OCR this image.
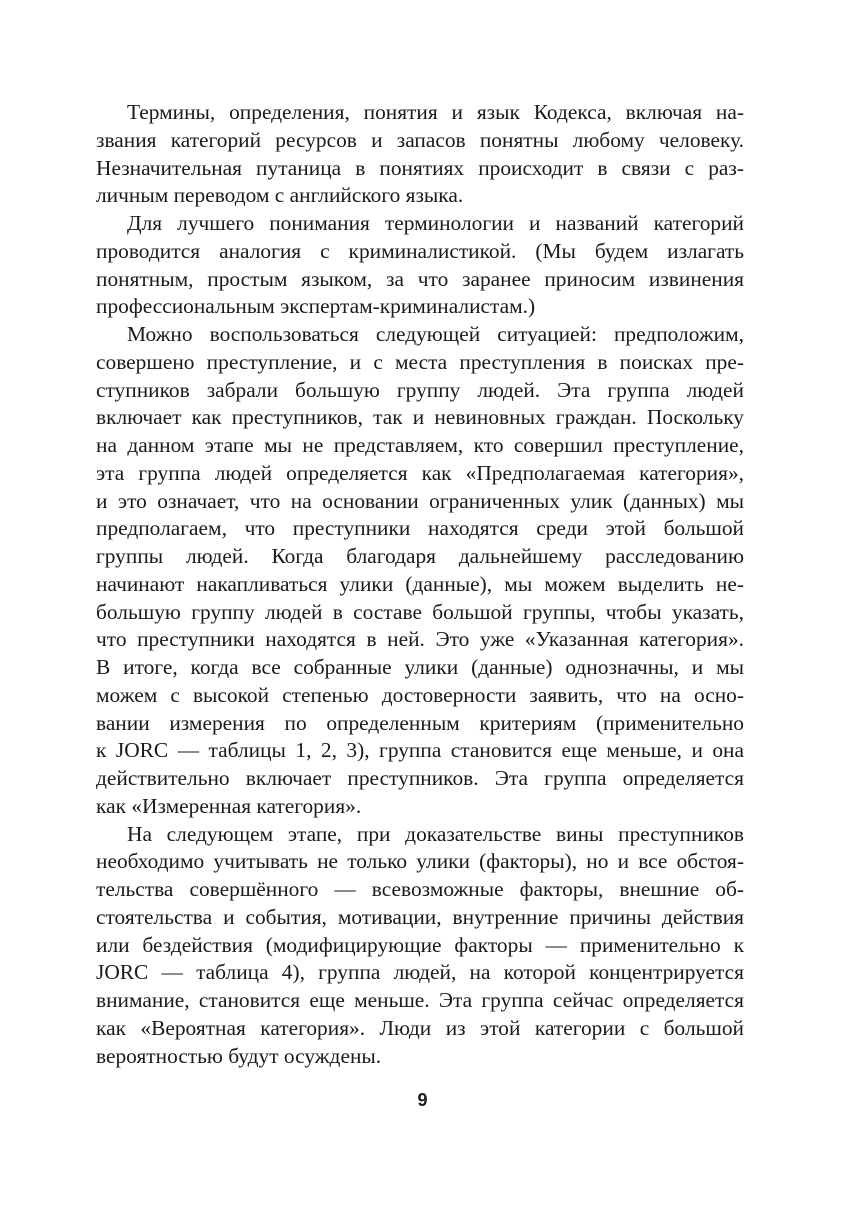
Термины, определения, понятия и язык Кодекса, включая на-
звания категорий ресурсов и запасов понятны любому человеку.
Незначительная путаница в понятиях происходит в связи с раз-
личным переводом с английского языка.
Для лучшего понимания терминологии и названий категорий
проводится аналогия с криминалистикой. (Мы будем излагать
понятным, простым языком, за что заранее приносим извинения
профессиональным экспертам-криминалистам.)
Можно воспользоваться следующей ситуацией: предположим,
совершено преступление, и с места преступления в поисках пре-
ступников забрали большую группу людей. Эта группа людей
включает как преступников, так и невиновных граждан. Поскольку
на данном этапе мы не представляем, кто совершил преступление,
эта группа людей определяется как «Предполагаемая категория»,
и это означает, что на основании ограниченных улик (данных) мы
предполагаем, что преступники находятся среди этой большой
группы людей. Когда благодаря дальнейшему расследованию
начинают накапливаться улики (данные), мы можем выделить не-
большую группу людей в составе большой группы, чтобы указать,
что преступники находятся в ней. Это уже «Указанная категория».
В итоге, когда все собранные улики (данные) однозначны, и мы
можем с высокой степенью достоверности заявить, что на осно-
вании измерения по определенным критериям (применительно
к JORC — таблицы 1, 2, 3), группа становится еще меньше, и она
действительно включает преступников. Эта группа определяется
как «Измеренная категория».
На следующем этапе, при доказательстве вины преступников
необходимо учитывать не только улики (факторы), но и все обстоя-
тельства совершённого — всевозможные факторы, внешние об-
стоятельства и события, мотивации, внутренние причины действия
или бездействия (модифицирующие факторы — применительно к
JORC — таблица 4), группа людей, на которой концентрируется
внимание, становится еще меньше. Эта группа сейчас определяется
как «Вероятная категория». Люди из этой категории с большой
вероятностью будут осуждены.
9
